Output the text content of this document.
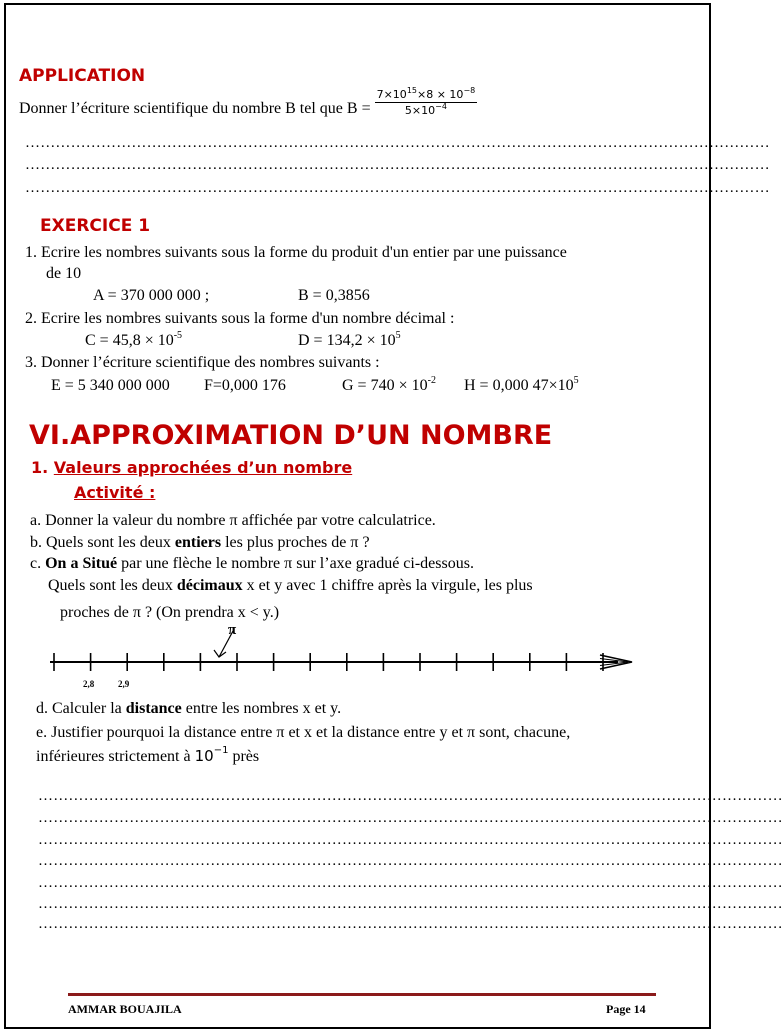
APPLICATION
Donner l’écriture scientifique du nombre B tel que $B = \frac{7\times 10^{15}\times 8 \times 10^{-8}}{5\times 10^{-4}}$
…………………………………………………………………………………………………………………………………
…………………………………………………………………………………………………………………………………
…………………………………………………………………………………………………………………………………
EXERCICE 1
1. Ecrire les nombres suivants sous la forme du produit d'un entier par une puissance
de 10
A = 370 000 000 ;	B = 0,3856
2. Ecrire les nombres suivants sous la forme d'un nombre décimal :
$C = 45,8 \times 10^{-5}$	$D = 134,2 \times 10^5$
3. Donner l’écriture scientifique des nombres suivants :
E = 5 340 000 000 F=0,000 176	$G = 740 \times 10^{-2}$ H = 0,000 $47\times 10^5$
VI.APPROXIMATION D’UN NOMBRE
1. Valeurs approchées d’un nombre
Activité :
a. Donner la valeur du nombre π affichée par votre calculatrice.
b. Quels sont les deux entiers les plus proches de π ?
c. On a Situé par une flèche le nombre π sur l’axe gradué ci-dessous.
Quels sont les deux décimaux x et y avec 1 chiffre après la virgule, les plus
proches de π ? (On prendra x < y.)
π
2,8	2,9
d. Calculer la distance entre les nombres x et y.
e. Justifier pourquoi la distance entre π et x et la distance entre y et π sont, chacune,
inférieures strictement à $10^{-1}$ près
…………………………………………………………………………………………………………………………………
…………………………………………………………………………………………………………………………………
…………………………………………………………………………………………………………………………………
…………………………………………………………………………………………………………………………………
…………………………………………………………………………………………………………………………………
…………………………………………………………………………………………………………………………………
…………………………………………………………………………………………………………………………………
AMMAR BOUAJILA	Page 14
